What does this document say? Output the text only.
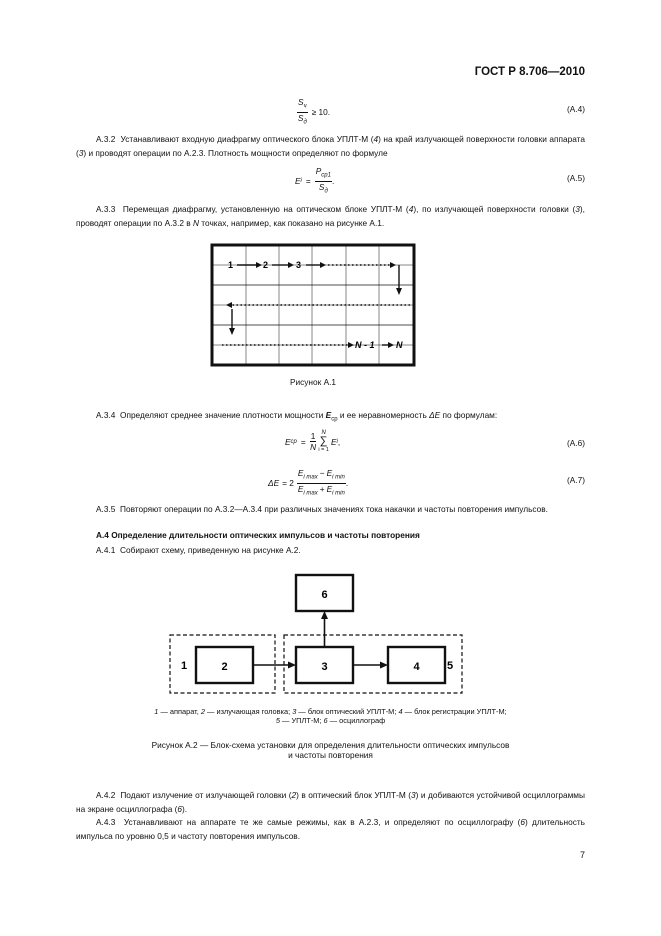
ГОСТ Р 8.706—2010
$\frac{S_ч}{S_д} \ge 10$.	(А.4)
А.3.2 Устанавливают входную диафрагму оптического блока УПЛТ-М (4) на край излучающей поверхности головки аппарата (3) и проводят операции по А.2.3. Плотность мощности определяют по формуле
E $i = \frac{P_{ср1}}{S_д}$ .	(А.5)
А.3.3 Перемещая диафрагму, установленную на оптическом блоке УПЛТ-М (4), по излучающей поверхности головки (3), проводят операции по А.3.2 в N точках, например, как показано на рисунке А.1.
1	2	3
N - 1 N
Рисунок А.1
А.3.4 Определяют среднее значение плотности мощности $E_{ср}$ и ее неравномерность ΔE по формулам:
E ср = $\frac{1}{N}$ N
∑
i = 1
E i ,	(А.6)
$\Delta E = 2 \frac{E_{i max} - E_{i min}}{E_{i max} + E_{i min}}$ .	(А.7)
А.3.5 Повторяют операции по А.3.2—А.3.4 при различных значениях тока накачки и частоты повторения импульсов.
А.4 Определение длительности оптических импульсов и частоты повторения
А.4.1 Собирают схему, приведенную на рисунке А.2.
6
1	2	5
3	4
1 — аппарат, 2 — излучающая головка; 3 — блок оптический УПЛТ-М; 4 — блок регистрации УПЛТ-М;
5 — УПЛТ-М; 6 — осциллограф
Рисунок А.2 — Блок-схема установки для определения длительности оптических импульсов
и частоты повторения
А.4.2 Подают излучение от излучающей головки (2) в оптический блок УПЛТ-М (3) и добиваются устойчивой осциллограммы на экране осциллографа (6).
А.4.3 Устанавливают на аппарате те же самые режимы, как в А.2.3, и определяют по осциллографу (6) длительность импульса по уровню 0,5 и частоту повторения импульсов.
7
